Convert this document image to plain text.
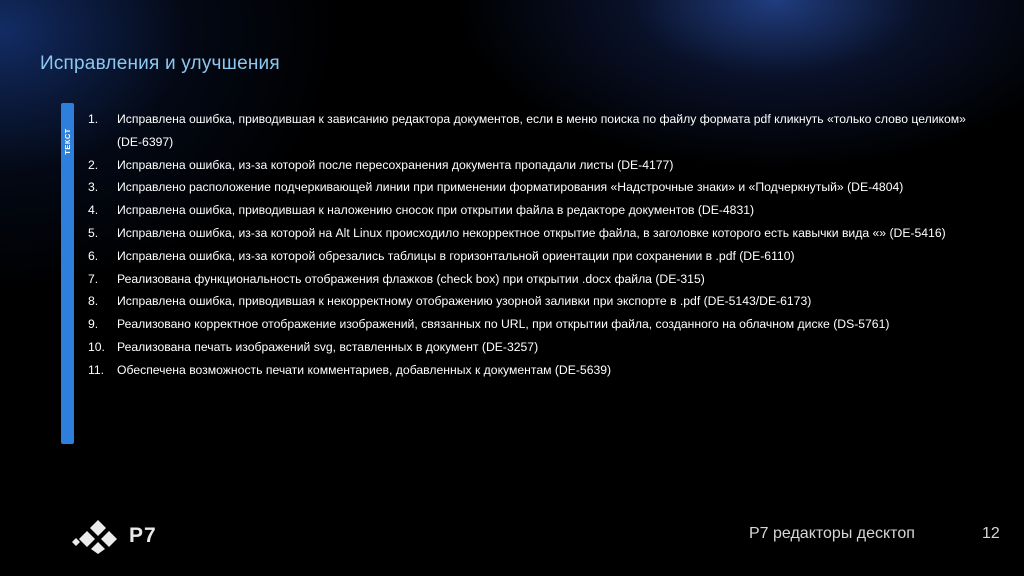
Исправления и улучшения
ТЕКСТ
1.	Исправлена ошибка, приводившая к зависанию редактора документов, если в меню поиска по файлу формата pdf кликнуть «только слово целиком» (DE-6397)
2.	Исправлена ошибка, из-за которой после пересохранения документа пропадали листы (DE-4177)
3.	Исправлено расположение подчеркивающей линии при применении форматирования «Надстрочные знаки» и «Подчеркнутый» (DE-4804)
4.	Исправлена ошибка, приводившая к наложению сносок при открытии файла в редакторе документов (DE-4831)
5.	Исправлена ошибка, из-за которой на Alt Linux происходило некорректное открытие файла, в заголовке которого есть кавычки вида «» (DE-5416)
6.	Исправлена ошибка, из-за которой обрезались таблицы в горизонтальной ориентации при сохранении в .pdf (DE-6110)
7.	Реализована функциональность отображения флажков (check box) при открытии .docx файла (DE-315)
8.	Исправлена ошибка, приводившая к некорректному отображению узорной заливки при экспорте в .pdf (DE-5143/DE-6173)
9.	Реализовано корректное отображение изображений, связанных по URL, при открытии файла, созданного на облачном диске (DS-5761)
10. Реализована печать изображений svg, вставленных в документ (DE-3257)
11.	Обеспечена возможность печати комментариев, добавленных к документам (DE-5639)
Р7	Р7 редакторы десктоп	12
